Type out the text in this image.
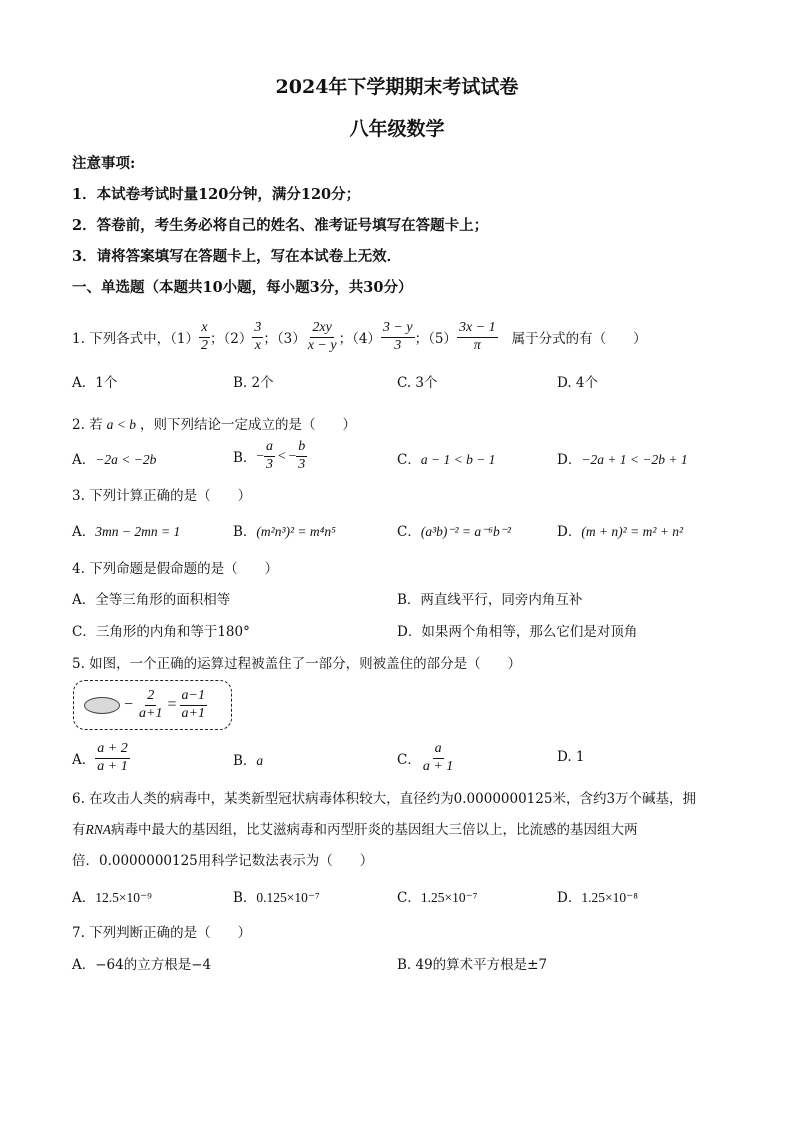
2024年下学期期末考试试卷
八年级数学
注意事项:
1．本试卷考试时量120分钟，满分120分；
2．答卷前，考生务必将自己的姓名、准考证号填写在答题卡上；
3．请将答案填写在答题卡上，写在本试卷上无效．
一、单选题（本题共10小题，每小题3分，共30分）
1. 下列各式中，$(1) \frac{x}{2}$ ；$(2) \frac{3}{x}$ ；$(3) \frac{2xy}{x - y}$ ；$(4) \frac{3 - y}{3}$ ；$(5) \frac{3x - 1}{\pi}$ 属于分式的有（　　）
A．1个	B. 2个	C. 3个	D. 4个
2. 若 a < b ，则下列结论一定成立的是（　　）
A．−2a < −2b	B． − $\frac{a}{3}$ < − $\frac{b}{3}$	C．a − 1 < b − 1	D．−2a + 1 < −2b + 1
3. 下列计算正确的是（　　）
A．3mn − 2mn = 1	B．(m²n³)² = m⁴n⁵	C．(a³b)⁻² = a⁻⁶b⁻²	D．(m + n)² = m² + n²
4. 下列命题是假命题的是（　　）
A．全等三角形的面积相等	B．两直线平行，同旁内角互补
C．三角形的内角和等于180°	D．如果两个角相等，那么它们是对顶角
5. 如图，一个正确的运算过程被盖住了一部分，则被盖住的部分是（　　）
− $\frac{2}{a+1} = \frac{a-1}{a+1}$
A． $\frac{a + 2}{a + 1}$	B．a	C． $\frac{a}{a + 1}$	D. 1
6. 在攻击人类的病毒中，某类新型冠状病毒体积较大，直径约为0.0000000125米，含约3万个碱基，拥
有RNA病毒中最大的基因组，比艾滋病毒和丙型肝炎的基因组大三倍以上，比流感的基因组大两
倍．0.0000000125用科学记数法表示为（　　）
A．12.5×10⁻⁹	B．0.125×10⁻⁷	C．1.25×10⁻⁷	D．1.25×10⁻⁸
7. 下列判断正确的是（　　）
A．−64的立方根是−4	B. 49的算术平方根是±7
